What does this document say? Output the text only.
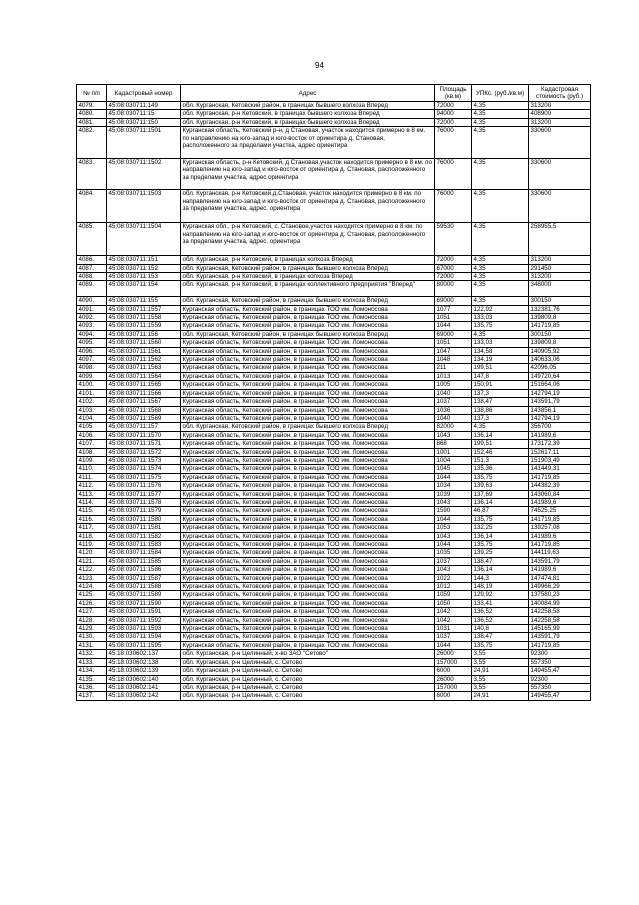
94
№ п/п	Кадастровый номер	Адрес	Площадь (кв.м)	УПКс. (руб./кв.м)	Кадастровая стоимость (руб.)
4079.	45:08:030711:149	обл. Курганская, Кетовский район, в границах бывшего колхоза Вперед	72000	4,35	313200
4080.	45:08:030711:15	обл. Курганская, р-н Кетовский, в границах бывшего колхоза Вперед	94000	4,35	408900
4081.	45:08:030711:150	обл. Курганская, р-н Кетовский, в границах бывшего колхоза Вперед	72000	4,35	313200
4082.	45:08:030711:1501	Курганская область, Кетовский р-н, д Становая, участок находится примерно в 8 км. по направлению на юго-запад и юго-восток от ориентира д. Становая, расположенного за пределами участка, адрес ориентира	76000	4,35	330600
4083.	45:08:030711:1502	Курганская область, р-н Кетовский, д Становая,участок находится примерно в 8 км. по направлению на юго-запад и юго-восток от ориентира д. Становая, расположенного за пределами участка, адрес ориентира	76000	4,35	330600
4084.	45:08:030711:1503	обл. Курганская, р-н Кетовский,д.Становая, участок находится примерно в 8 км. по направлению на юго-запад и юго-восток от ориентира д. Становая, расположенного за пределами участка, адрес. ориентира	76000	4,35	330600
4085.	45:08:030711:1504	Курганская обл., р-н Кетовский, с. Становое,участок находится примерно в 8 км. по направлению на юго-запад и юго-восток от ориентира д. Становая, расположенного за пределами участка, адрес. ориентира	59530	4,35	258955,5
4086.	45:08:030711:151	обл. Курганская, р-н Кетовский, в границах колхоза Вперед	72000	4,35	313200
4087.	45:08:030711:152	обл. Курганская, Кетовский район, в границах бывшего колхоза Вперед	67000	4,35	291450
4088.	45:08:030711:153	обл. Курганская, р-н Кетовский, в границах колхоза Вперед	72000	4,35	313200
4089.	45:08:030711:154	обл. Курганская, р-н Кетовский, в границах коллективного предприятия "Вперед"	80000	4,35	348000
4090.	45:08:030711:155	обл. Курганская, Кетовский район, в границах бывшего колхоза Вперед	69000	4,35	300150
4091.	45:08:030711:1557	Курганская область, Кетовский район, в границах ТОО им. Ломоносова	1077	122,92	132381,76
4092.	45:08:030711:1558	Курганская область, Кетовский район, в границах ТОО им. Ломоносова	1051	133,03	139809,8
4093.	45:08:030711:1559	Курганская область, Кетовский район, в границах ТОО им. Ломоносова	1044	135,75	141719,85
4094.	45:08:030711:156	обл. Курганская, Кетовский район, в границах бывшего колхоза Вперед	69000	4,35	300150
4095.	45:08:030711:1560	Курганская область, Кетовский район, в границах ТОО им. Ломоносова	1051	133,03	139809,8
4096.	45:08:030711:1561	Курганская область, Кетовский район, в границах ТОО им. Ломоносова	1047	134,58	140905,92
4097.	45:08:030711:1562	Курганская область, Кетовский район, в границах ТОО им. Ломоносова	1048	134,19	140633,06
4098.	45:08:030711:1563	Курганская область, Кетовский район, в границах ТОО им. Ломоносова	211	199,51	42096,05
4099.	45:08:030711:1564	Курганская область, Кетовский район, в границах ТОО им. Ломоносова	1013	147,8	149720,64
4100.	45:08:030711:1565	Курганская область, Кетовский район, в границах ТОО им. Ломоносова	1005	150,91	151664,06
4101.	45:08:030711:1566	Курганская область, Кетовский район, в границах ТОО им. Ломоносова	1040	137,3	142794,19
4102.	45:08:030711:1567	Курганская область, Кетовский район, в границах ТОО им. Ломоносова	1037	138,47	143591,79
4103.	45:08:030711:1568	Курганская область, Кетовский район, в границах ТОО им. Ломоносова	1036	138,86	143856,1
4104.	45:08:030711:1569	Курганская область, Кетовский район, в границах ТОО им. Ломоносова	1040	137,3	142794,19
4105.	45:08:030711:157	обл. Курганская, Кетовский район, в границах бывшего колхоза Вперед	82000	4,35	356700
4106.	45:08:030711:1570	Курганская область, Кетовский район, в границах ТОО им. Ломоносова	1043	136,14	141989,6
4107.	45:08:030711:1571	Курганская область, Кетовский район, в границах ТОО им. Ломоносова	868	199,51	173172,39
4108.	45:08:030711:1572	Курганская область, Кетовский район, в границах ТОО им. Ломоносова	1001	152,46	152617,11
4109.	45:08:030711:1573	Курганская область, Кетовский район, в границах ТОО им. Ломоносова	1004	151,3	151903,49
4110.	45:08:030711:1574	Курганская область, Кетовский район, в границах ТОО им. Ломоносова	1045	135,36	141449,31
4111.	45:08:030711:1575	Курганская область, Кетовский район, в границах ТОО им. Ломоносова	1044	135,75	141719,85
4112.	45:08:030711:1576	Курганская область, Кетовский район, в границах ТОО им. Ломоносова	1034	139,63	144382,39
4113.	45:08:030711:1577	Курганская область, Кетовский район, в границах ТОО им. Ломоносова	1039	137,69	143060,84
4114.	45:08:030711:1578	Курганская область, Кетовский район, в границах ТОО им. Ломоносова	1043	136,14	141989,6
4115.	45:08:030711:1579	Курганская область, Кетовский район, в границах ТОО им. Ломоносова	1590	46,87	74525,25
4116.	45:08:030711:1580	Курганская область, Кетовский район, в границах ТОО им. Ломоносова	1044	135,75	141719,85
4117.	45:08:030711:1581	Курганская область, Кетовский район, в границах ТОО им. Ломоносова	1053	132,25	139257,08
4118.	45:08:030711:1582	Курганская область, Кетовский район, в границах ТОО им. Ломоносова	1043	136,14	141989,6
4119.	45:08:030711:1583	Курганская область, Кетовский район, в границах ТОО им. Ломоносова	1044	135,75	141719,85
4120.	45:08:030711:1584	Курганская область, Кетовский район, в границах ТОО им. Ломоносова	1035	139,25	144119,63
4121.	45:08:030711:1585	Курганская область, Кетовский район, в границах ТОО им. Ломоносова	1037	138,47	143591,79
4122.	45:08:030711:1586	Курганская область, Кетовский район, в границах ТОО им. Ломоносова	1043	136,14	141989,6
4123.	45:08:030711:1587	Курганская область, Кетовский район, в границах ТОО им. Ломоносова	1022	144,3	147474,81
4124.	45:08:030711:1588	Курганская область, Кетовский район, в границах ТОО им. Ломоносова	1012	148,19	149966,29
4125.	45:08:030711:1589	Курганская область, Кетовский район, в границах ТОО им. Ломоносова	1059	129,92	137580,23
4126.	45:08:030711:1590	Курганская область, Кетовский район, в границах ТОО им. Ломоносова	1050	133,41	140084,99
4127.	45:08:030711:1591	Курганская область, Кетовский район, в границах ТОО им. Ломоносова	1042	136,52	142258,58
4128.	45:08:030711:1592	Курганская область, Кетовский район, в границах ТОО им. Ломоносова	1042	136,52	142258,58
4129.	45:08:030711:1593	Курганская область, Кетовский район, в границах ТОО им. Ломоносова	1031	140,8	145165,99
4130.	45:08:030711:1594	Курганская область, Кетовский район, в границах ТОО им. Ломоносова	1037	138,47	143591,79
4131.	45:08:030711:1595	Курганская область, Кетовский район, в границах ТОО им. Ломоносова	1044	135,75	141719,85
4132.	45:18:030602:137	обл. Курганская, р-н Целинный, х-во ЗАО "Сетово"	26000	3,55	92300
4133.	45:18:030602:138	обл. Курганская, р-н Целинный, с. Сетово	157000	3,55	557350
4134.	45:18:030602:139	обл. Курганская, р-н Целинный, с. Сетово	6000	24,91	149455,47
4135.	45:18:030602:140	обл. Курганская, р-н Целинный, с. Сетово	26000	3,55	92300
4136.	45:18:030602:141	обл. Курганская, р-н Целинный, с. Сетово	157000	3,55	557350
4137.	45:18:030602:142	обл. Курганская, р-н Целинный, с. Сетово	6000	24,91	149455,47
